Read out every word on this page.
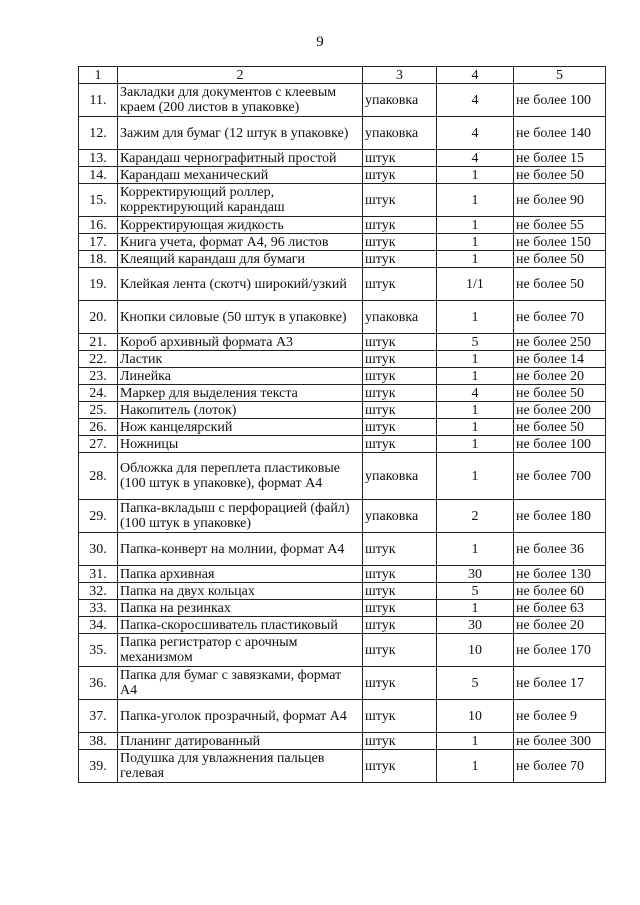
9
1	2	3	4	5
11.	Закладки для документов с клеевым краем (200 листов в упаковке)	упаковка	4	не более 100
12.	Зажим для бумаг (12 штук в упаковке)	упаковка	4	не более 140
13.	Карандаш чернографитный простой	штук	4	не более 15
14.	Карандаш механический	штук	1	не более 50
15.	Корректирующий роллер, корректирующий карандаш	штук	1	не более 90
16.	Корректирующая жидкость	штук	1	не более 55
17.	Книга учета, формат А4, 96 листов	штук	1	не более 150
18.	Клеящий карандаш для бумаги	штук	1	не более 50
19.	Клейкая лента (скотч) широкий/узкий	штук	1/1	не более 50
20.	Кнопки силовые (50 штук в упаковке)	упаковка	1	не более 70
21.	Короб архивный формата А3	штук	5	не более 250
22.	Ластик	штук	1	не более 14
23.	Линейка	штук	1	не более 20
24.	Маркер для выделения текста	штук	4	не более 50
25.	Накопитель (лоток)	штук	1	не более 200
26.	Нож канцелярский	штук	1	не более 50
27.	Ножницы	штук	1	не более 100
28.	Обложка для переплета пластиковые (100 штук в упаковке), формат А4	упаковка	1	не более 700
29.	Папка-вкладыш с перфорацией (файл) (100 штук в упаковке)	упаковка	2	не более 180
30.	Папка-конверт на молнии, формат А4	штук	1	не более 36
31.	Папка архивная	штук	30	не более 130
32.	Папка на двух кольцах	штук	5	не более 60
33.	Папка на резинках	штук	1	не более 63
34.	Папка-скоросшиватель пластиковый	штук	30	не более 20
35.	Папка регистратор с арочным механизмом	штук	10	не более 170
36.	Папка для бумаг с завязками, формат А4	штук	5	не более 17
37.	Папка-уголок прозрачный, формат А4	штук	10	не более 9
38.	Планинг датированный	штук	1	не более 300
39.	Подушка для увлажнения пальцев гелевая	штук	1	не более 70
